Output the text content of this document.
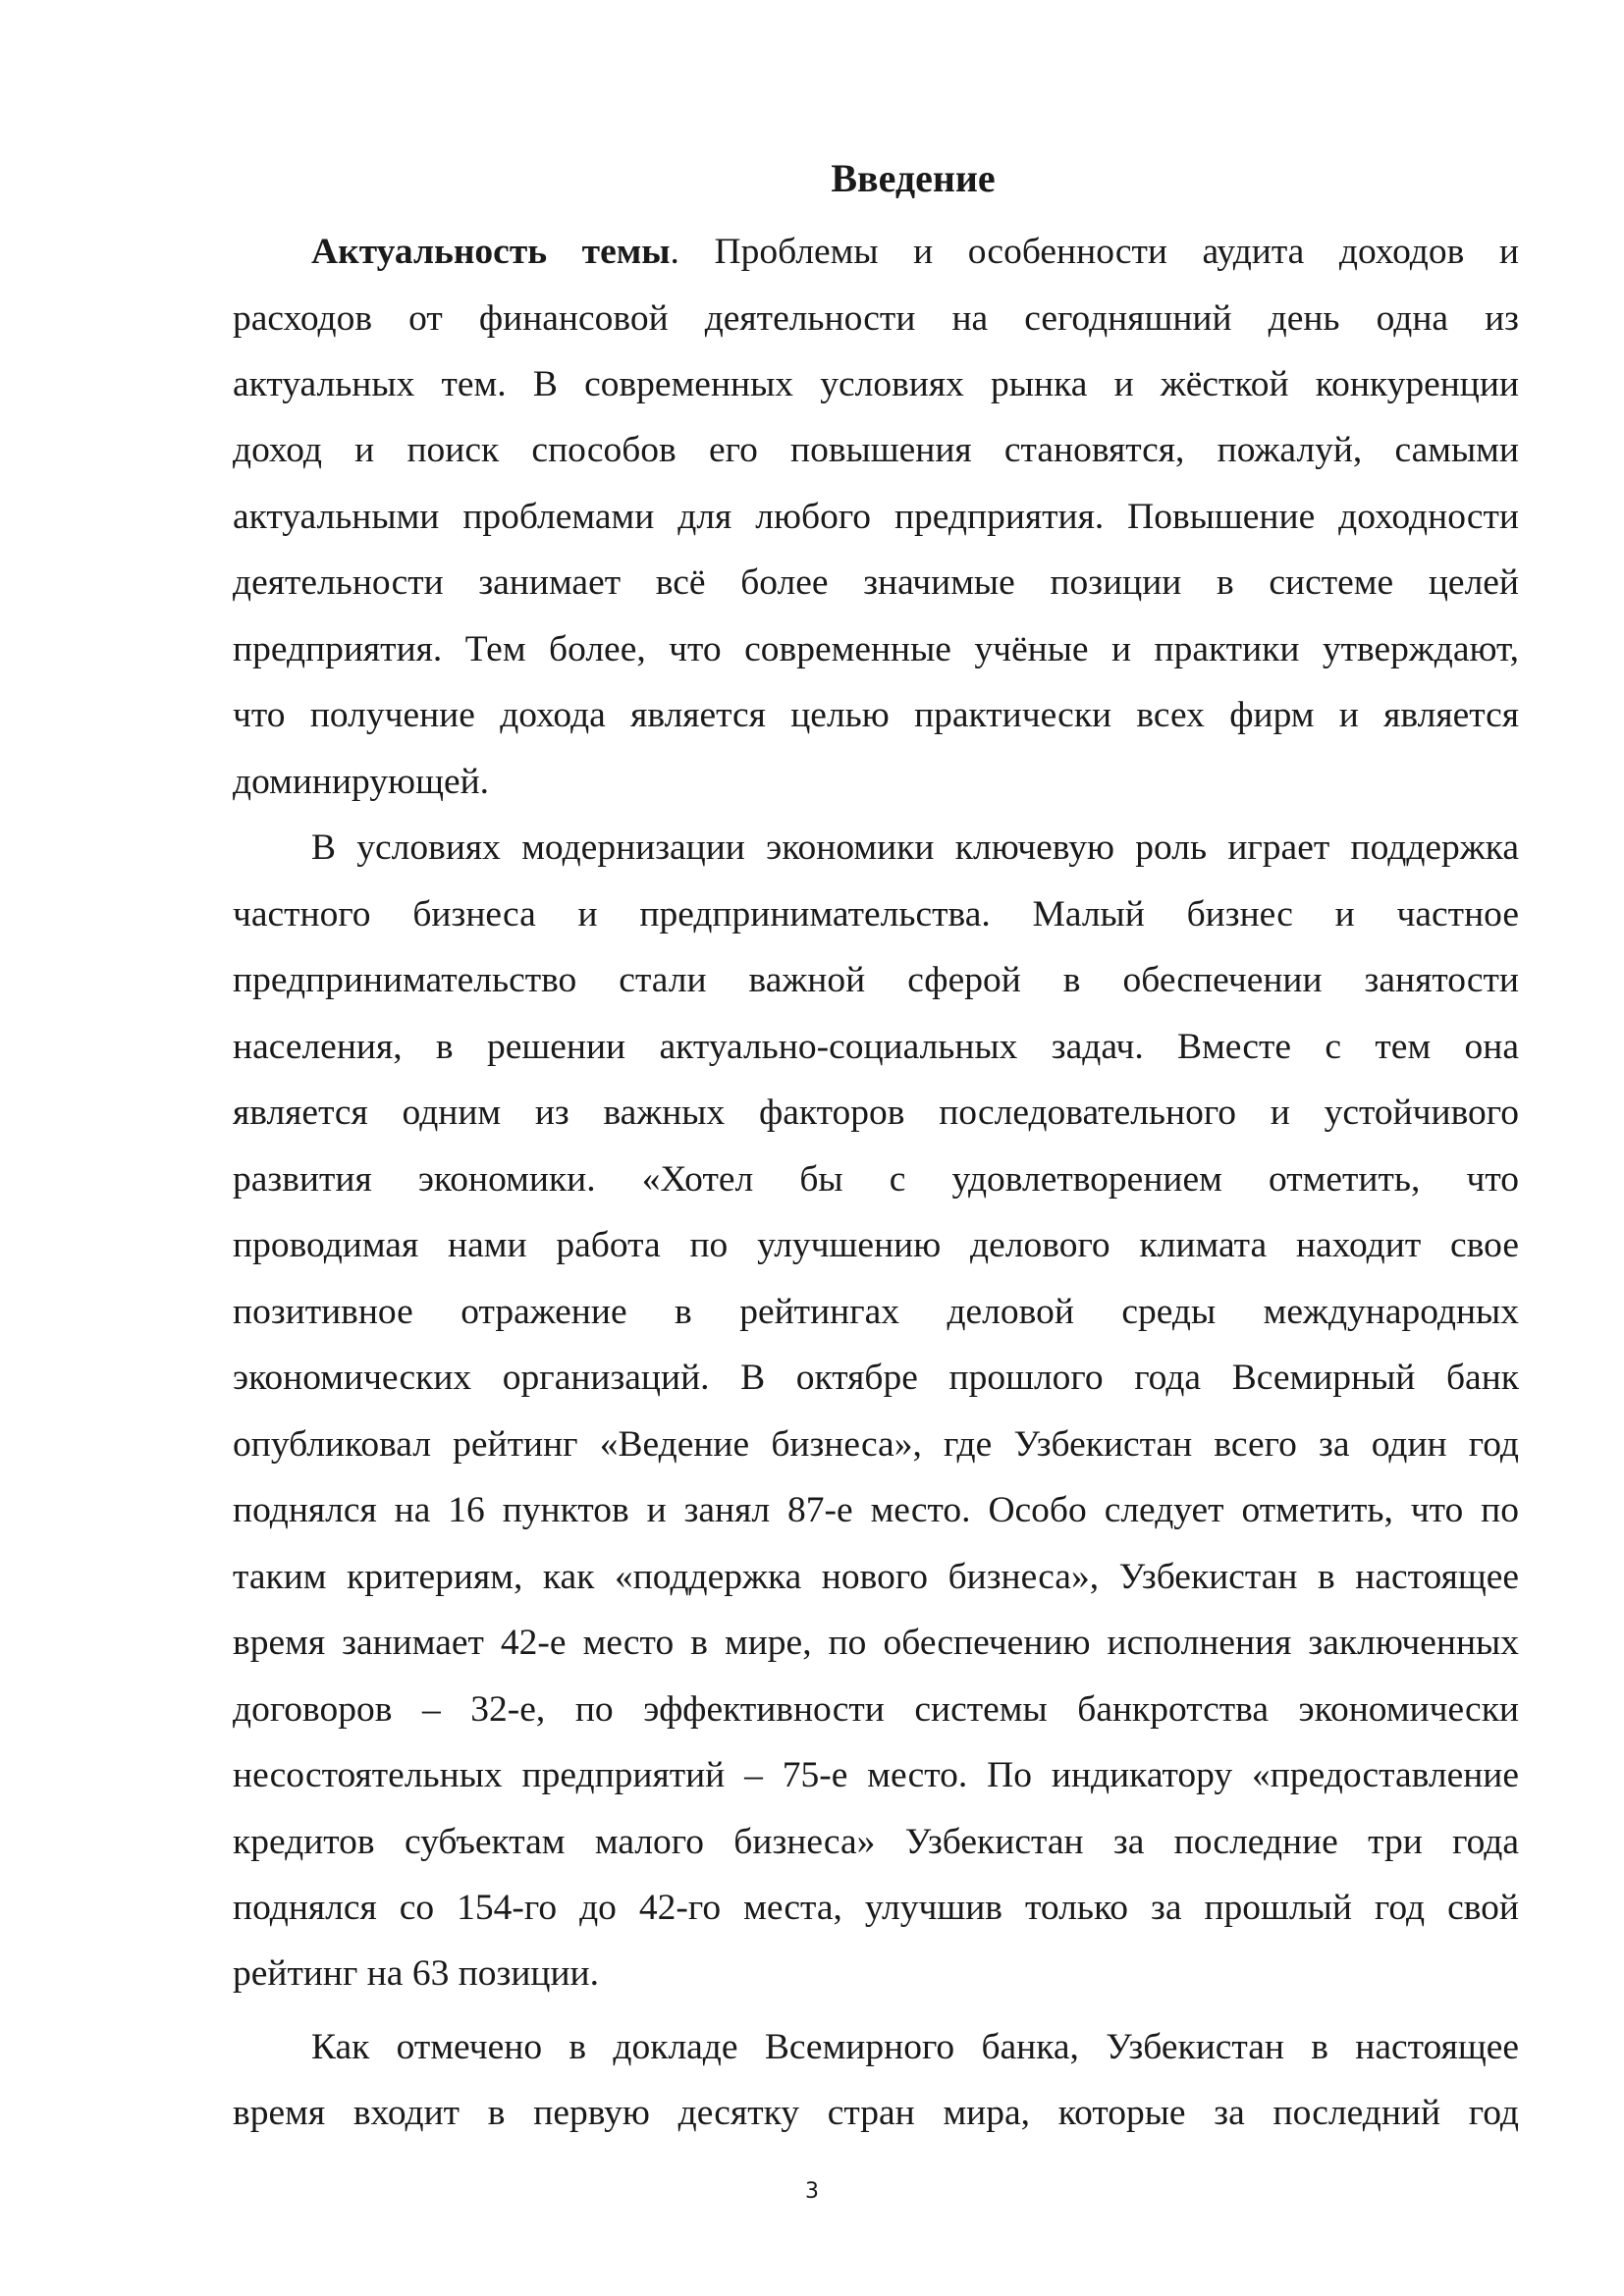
Введение
Актуальность темы. Проблемы и особенности аудита доходов и
расходов от финансовой деятельности на сегодняшний день одна из
актуальных тем. В современных условиях рынка и жёсткой конкуренции
доход и поиск способов его повышения становятся, пожалуй, самыми
актуальными проблемами для любого предприятия. Повышение доходности
деятельности занимает всё более значимые позиции в системе целей
предприятия. Тем более, что современные учёные и практики утверждают,
что получение дохода является целью практически всех фирм и является
доминирующей.
В условиях модернизации экономики ключевую роль играет поддержка
частного бизнеса и предпринимательства. Малый бизнес и частное
предпринимательство стали важной сферой в обеспечении занятости
населения, в решении актуально-социальных задач. Вместе с тем она
является одним из важных факторов последовательного и устойчивого
развития экономики. «Хотел бы с удовлетворением отметить, что
проводимая нами работа по улучшению делового климата находит свое
позитивное отражение в рейтингах деловой среды международных
экономических организаций. В октябре прошлого года Всемирный банк
опубликовал рейтинг «Ведение бизнеса», где Узбекистан всего за один год
поднялся на 16 пунктов и занял 87-е место. Особо следует отметить, что по
таким критериям, как «поддержка нового бизнеса», Узбекистан в настоящее
время занимает 42-е место в мире, по обеспечению исполнения заключенных
договоров – 32-е, по эффективности системы банкротства экономически
несостоятельных предприятий – 75-е место. По индикатору «предоставление
кредитов субъектам малого бизнеса» Узбекистан за последние три года
поднялся со 154-го до 42-го места, улучшив только за прошлый год свой
рейтинг на 63 позиции.
Как отмечено в докладе Всемирного банка, Узбекистан в настоящее
время входит в первую десятку стран мира, которые за последний год
3
